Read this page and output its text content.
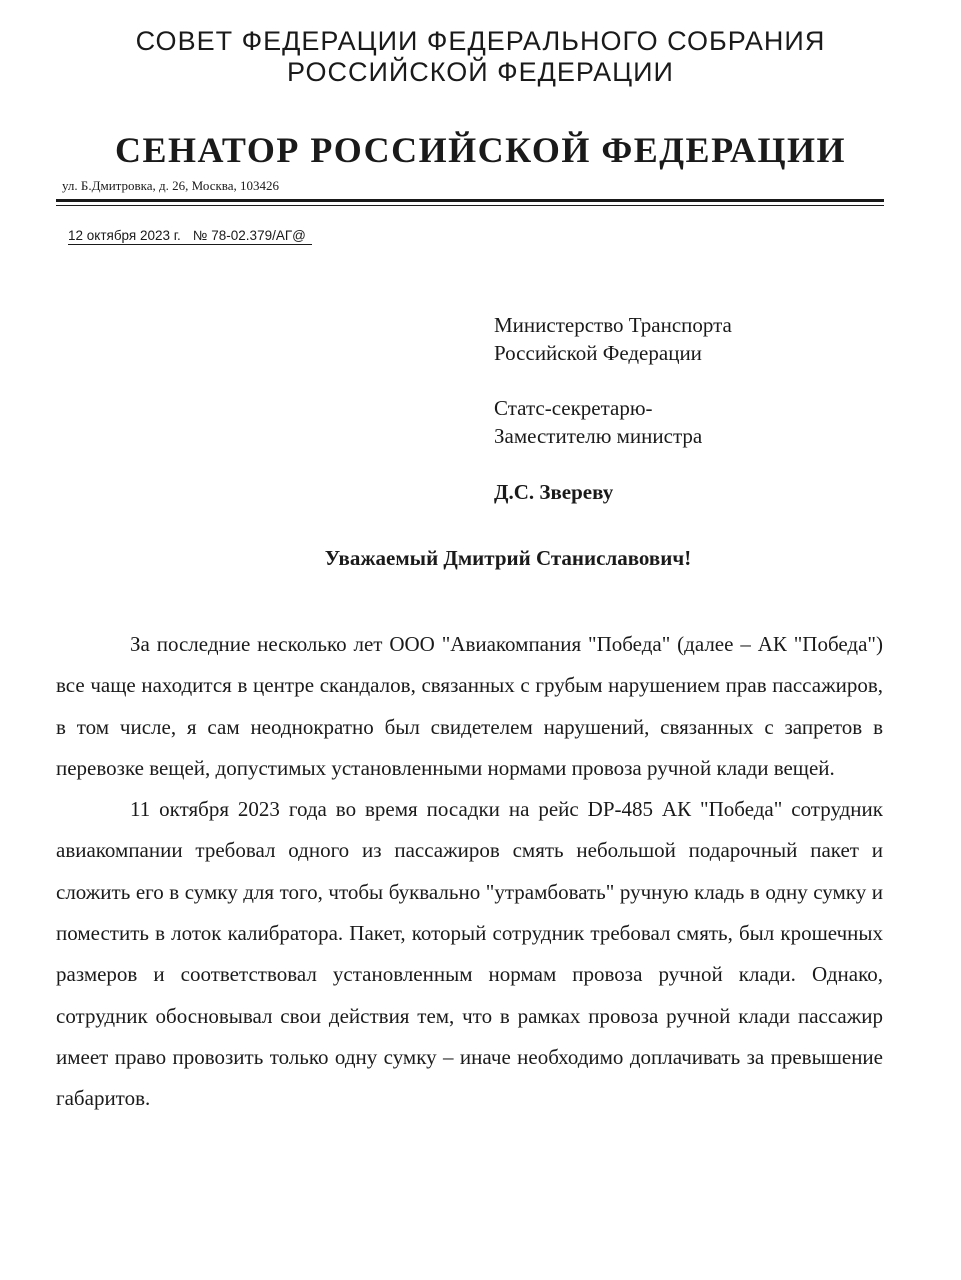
СОВЕТ ФЕДЕРАЦИИ ФЕДЕРАЛЬНОГО СОБРАНИЯ
РОССИЙСКОЙ ФЕДЕРАЦИИ
СЕНАТОР РОССИЙСКОЙ ФЕДЕРАЦИИ
ул. Б.Дмитровка, д. 26, Москва, 103426
12 октября 2023 г. № 78-02.379/АГ@
Министерство Транспорта
Российской Федерации
Статс-секретарю-
Заместителю министра
Д.С. Звереву
Уважаемый Дмитрий Станиславович!

За последние несколько лет ООО "Авиакомпания "Победа" (далее – АК "Победа") все чаще находится в центре скандалов, связанных с грубым нарушением прав пассажиров, в том числе, я сам неоднократно был свидетелем нарушений, связанных с запретов в перевозке вещей, допустимых установленными нормами провоза ручной клади вещей.

11 октября 2023 года во время посадки на рейс DP-485 АК "Победа" сотрудник авиакомпании требовал одного из пассажиров смять небольшой подарочный пакет и сложить его в сумку для того, чтобы буквально "утрамбовать" ручную кладь в одну сумку и поместить в лоток калибратора. Пакет, который сотрудник требовал смять, был крошечных размеров и соответствовал установленным нормам провоза ручной клади. Однако, сотрудник обосновывал свои действия тем, что в рамках провоза ручной клади пассажир имеет право провозить только одну сумку – иначе необходимо доплачивать за превышение габаритов.
